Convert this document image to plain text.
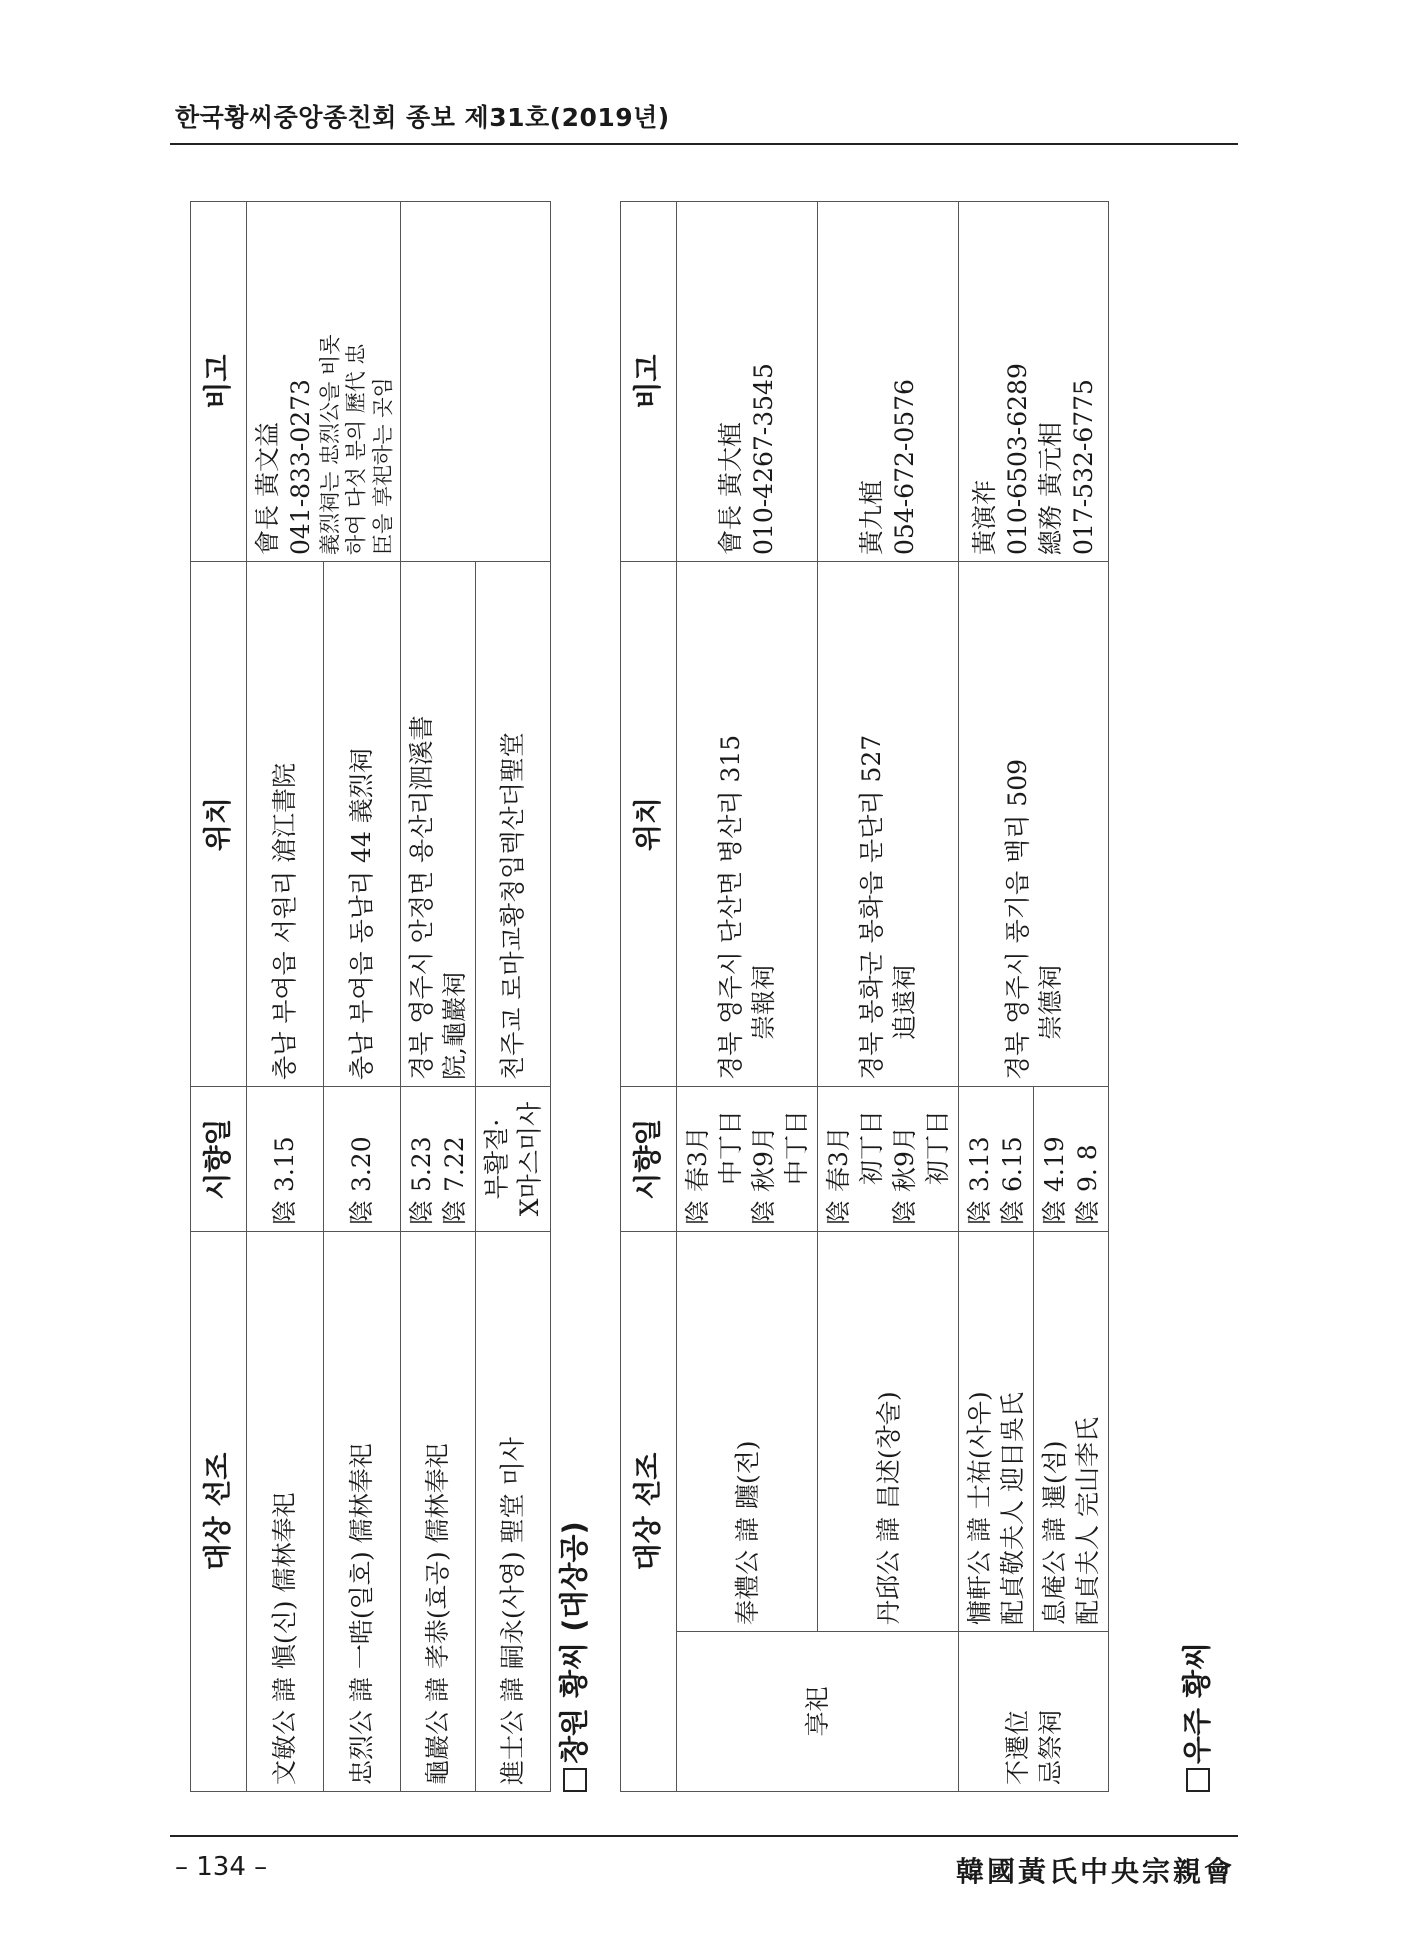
한국황씨중앙종친회 종보 제31호(2019년)
대상 선조	시향일	위치	비고
文敏公 諱 愼(신) 儒林奉祀	陰 3.15	충남 부여읍 서원리 滄江書院	會長 黃文益 041-833-0273 義烈祠는 忠烈公을 비롯 하여 다섯 분의 歷代 忠 臣을 享祀하는 곳임

忠烈公 諱 一晧(일호) 儒林奉祀	陰 3.20	충남 부여읍 동남리 44 義烈祠	

龜巖公 諱 孝恭(효공) 儒林奉祀	陰 5.23 陰 7.22	경북 영주시 안정면 용산리泗溪書 院,龜巖祠	

進士公 諱 嗣永(사영) 聖堂 미사	부활절· X마스미사	천주교 로마교황청입렉산더聖堂	
창원 황씨 (대상공)
대상 선조		시향일	위치	비고
享祀	奉禮公 諱 躔(전)	陰 春3月 中丁日 陰 秋9月 中丁日	경북 영주시 단산면 병산리 315 崇報祠	會長 黃大植 010-4267-3545

	丹邱公 諱 昌述(창술)	陰 春3月 初丁日 陰 秋9月 初丁日	경북 봉화군 봉화읍 문단리 527 追遠祠	黃九植 054-672-0576

不遷位 忌祭祠	慵軒公 諱 士祐(사우) 配貞敬夫人 迎日吳氏	陰 3.13 陰 6.15	경북 영주시 풍기읍 백리 509 崇德祠	黃演祚 010-6503-6289 總務 黃元相 017-532-6775

	息庵公 諱 暹(섬) 配貞夫人 完山李氏	陰 4.19 陰 9. 8		
우주 황씨
– 134 –	韓國黃氏中央宗親會
